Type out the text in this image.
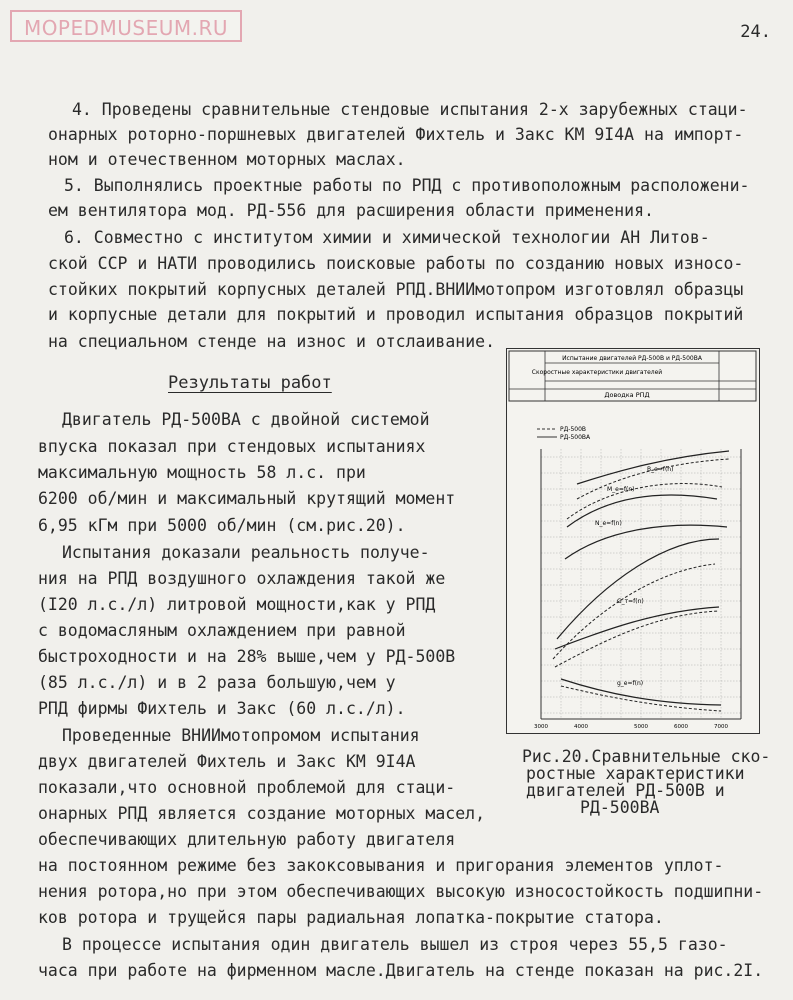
MOPEDMUSEUM.RU	24.
4. Проведены сравнительные стендовые испытания 2-х зарубежных стаци-
онарных роторно-поршневых двигателей Фихтель и Закс КМ 9I4А на импорт-
ном и отечественном моторных маслах.
5. Выполнялись проектные работы по РПД с противоположным расположени-
ем вентилятора мод. РД-556 для расширения области применения.
6. Совместно с институтом химии и химической технологии АН Литов-
ской ССР и НАТИ проводились поисковые работы по созданию новых износо-
стойких покрытий корпусных деталей РПД.ВНИИмотопром изготовлял образцы
и корпусные детали для покрытий и проводил испытания образцов покрытий
на специальном стенде на износ и отслаивание.
Результаты работ
Двигатель РД-500ВА с двойной системой
впуска показал при стендовых испытаниях
максимальную мощность 58 л.с. при
6200 об/мин и максимальный крутящий момент
6,95 кГм при 5000 об/мин (см.рис.20).
Испытания доказали реальность получе-
ния на РПД воздушного охлаждения такой же
(I20 л.с./л) литровой мощности,как у РПД
с водомасляным охлаждением при равной
быстроходности и на 28% выше,чем у РД-500В
(85 л.с./л) и в 2 раза большую,чем у
РПД фирмы Фихтель и Закс (60 л.с./л).
Проведенные ВНИИмотопромом испытания
двух двигателей Фихтель и Закс КМ 9I4А
показали,что основной проблемой для стаци-
онарных РПД является создание моторных масел,
обеспечивающих длительную работу двигателя
на постоянном режиме без закоксовывания и пригорания элементов уплот-
нения ротора,но при этом обеспечивающих высокую износостойкость подшипни-
ков ротора и трущейся пары радиальная лопатка-покрытие статора.
В процессе испытания один двигатель вышел из строя через 55,5 газо-
часа при работе на фирменном масле.Двигатель на стенде показан на рис.2I.
Испытание двигателей РД-500В и РД-500ВА
Скоростные характеристики двигателей
Доводка РПД
РД-500В
РД-500ВА
3000	4000	5000	6000	7000
B_e=f(n)
M_e=f(n)
N_e=f(n)
G_т=f(n)
g_e=f(n)
Рис.20.Сравнительные ско-
ростные характеристики
двигателей РД-500В и
РД-500ВА
